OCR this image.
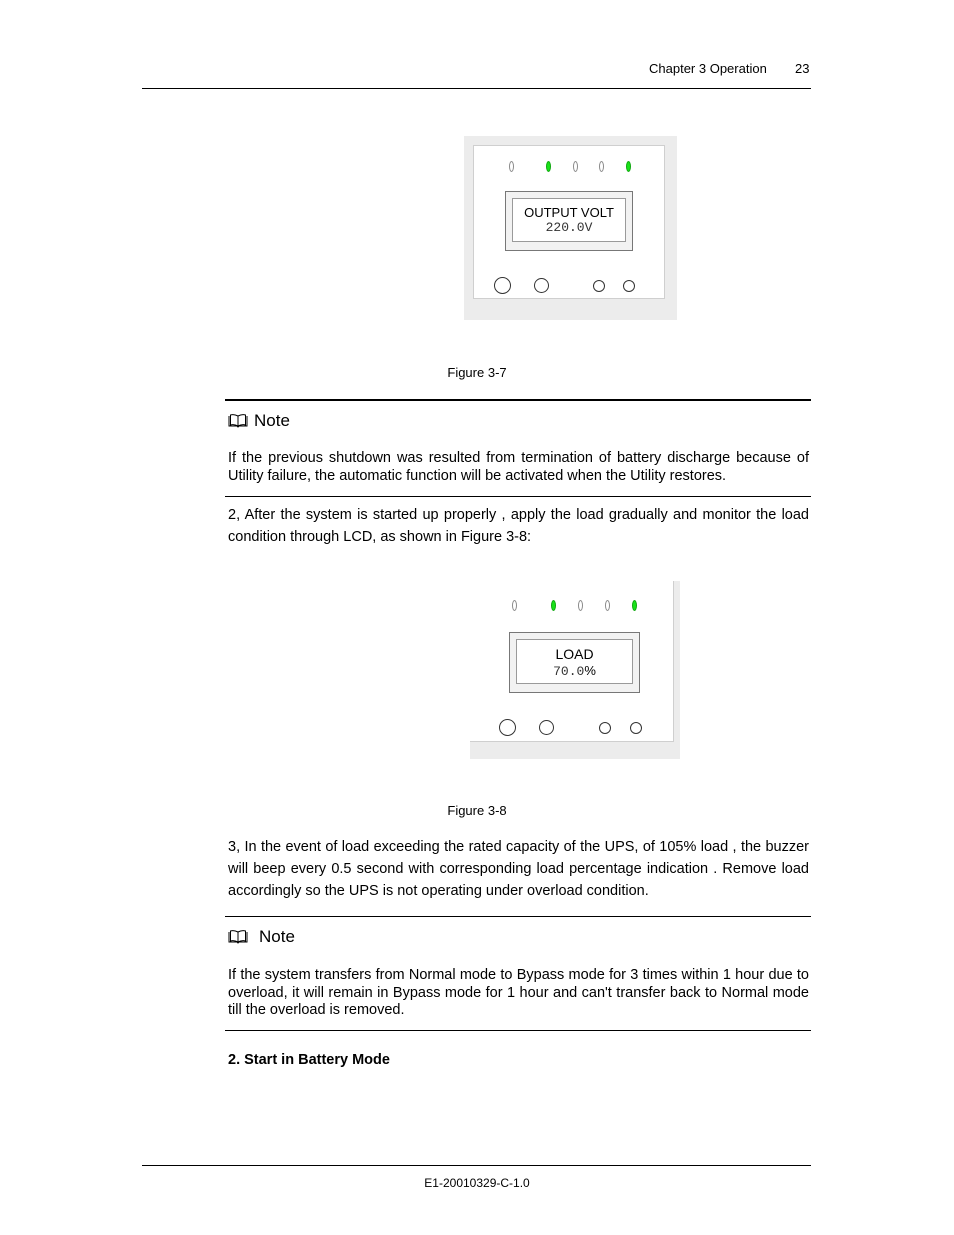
Chapter 3 Operation 23
OUTPUT VOLT
220.0V
Figure 3-7
Note
If the previous shutdown was resulted from termination of battery discharge because of Utility failure, the automatic function will be activated when the Utility restores.
2, After the system is started up properly , apply the load gradually and monitor the load condition through LCD, as shown in Figure 3-8:
LOAD
70.0%
Figure 3-8
3, In the event of load exceeding the rated capacity of the UPS, of 105% load , the buzzer will beep every 0.5 second with corresponding load percentage indication . Remove load accordingly so the UPS is not operating under overload condition.
Note
If the system transfers from Normal mode to Bypass mode for 3 times within 1 hour due to overload, it will remain in Bypass mode for 1 hour and can't transfer back to Normal mode till the overload is removed.
2. Start in Battery Mode
E1-20010329-C-1.0
